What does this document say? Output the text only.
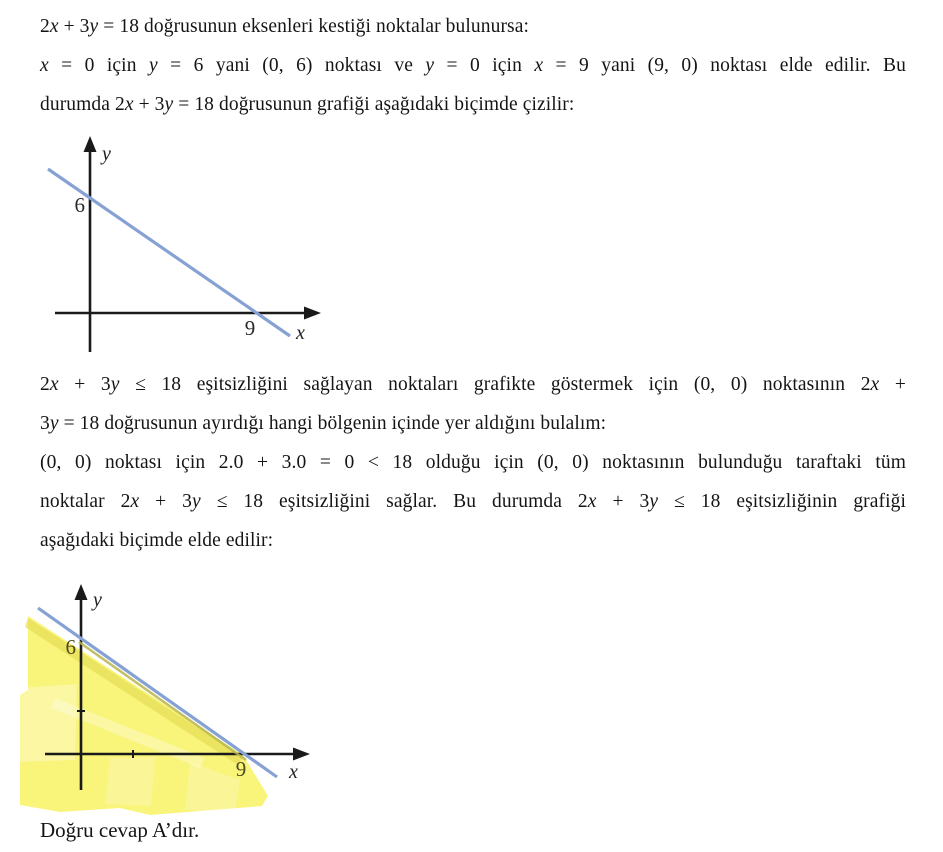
2x + 3y = 18 doğrusunun eksenleri kestiği noktalar bulunursa:
x = 0 için y = 6 yani (0, 6) noktası ve y = 0 için x = 9 yani (9, 0) noktası elde edilir. Bu
durumda 2x + 3y = 18 doğrusunun grafiği aşağıdaki biçimde çizilir:
6
9
y
x
2x + 3y ≤ 18 eşitsizliğini sağlayan noktaları grafikte göstermek için (0, 0) noktasının 2x +
3y = 18 doğrusunun ayırdığı hangi bölgenin içinde yer aldığını bulalım:
(0, 0) noktası için 2.0 + 3.0 = 0 < 18 olduğu için (0, 0) noktasının bulunduğu taraftaki tüm
noktalar 2x + 3y ≤ 18 eşitsizliğini sağlar. Bu durumda 2x + 3y ≤ 18 eşitsizliğinin grafiği
aşağıdaki biçimde elde edilir:
6
9
y
x
Doğru cevap A’dır.
